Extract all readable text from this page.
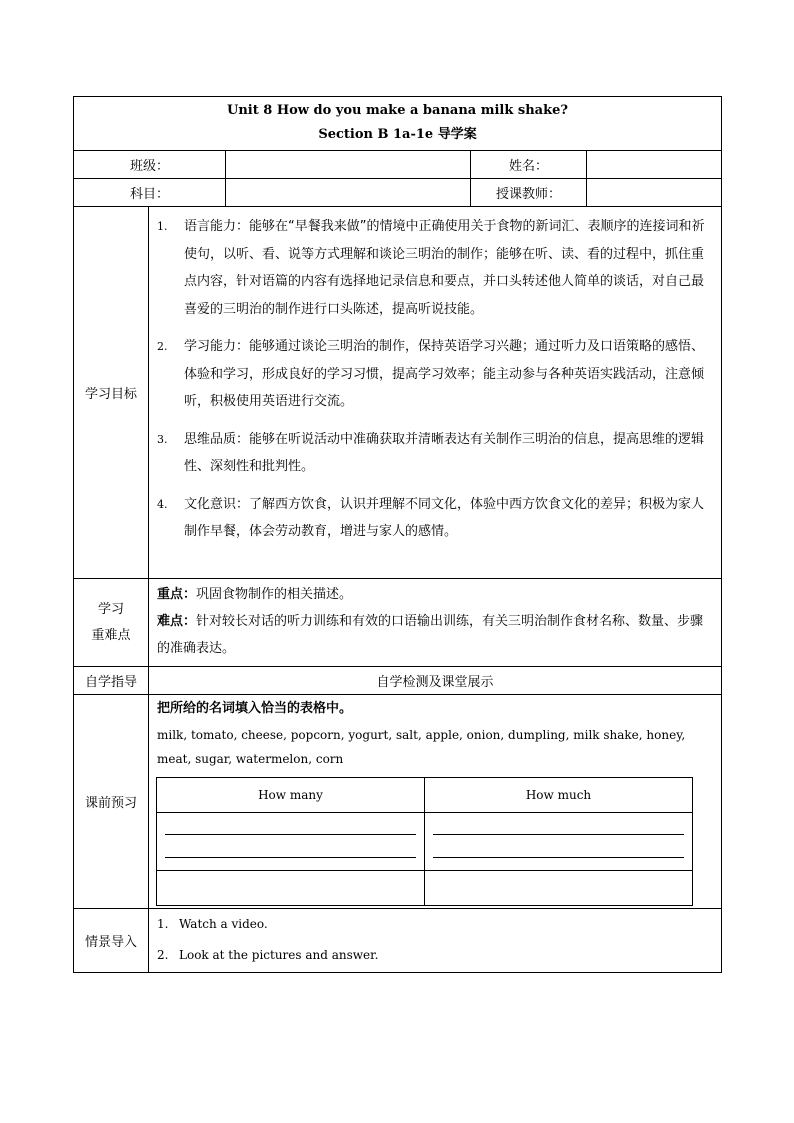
Unit 8 How do you make a banana milk shake?
Section B 1a-1e 导学案

班级：		姓名：	
科目：		授课教师：	
学习目标	
1.	语言能力：能够在“早餐我来做”的情境中正确使用关于食物的新词汇、表顺序的连接词和祈使句，以听、看、说等方式理解和谈论三明治的制作；能够在听、读、看的过程中，抓住重点内容，针对语篇的内容有选择地记录信息和要点，并口头转述他人简单的谈话，对自己最喜爱的三明治的制作进行口头陈述，提高听说技能。
2.	学习能力：能够通过谈论三明治的制作，保持英语学习兴趣；通过听力及口语策略的感悟、体验和学习，形成良好的学习习惯，提高学习效率；能主动参与各种英语实践活动，注意倾听，积极使用英语进行交流。
3.	思维品质：能够在听说活动中准确获取并清晰表达有关制作三明治的信息，提高思维的逻辑性、深刻性和批判性。
4.	文化意识：了解西方饮食，认识并理解不同文化，体验中西方饮食文化的差异；积极为家人制作早餐，体会劳动教育，增进与家人的感情。

学习
重难点

重点：巩固食物制作的相关描述。
难点：针对较长对话的听力训练和有效的口语输出训练，有关三明治制作食材名称、数量、步骤的准确表达。

自学指导	自学检测及课堂展示
课前预习	
把所给的名词填入恰当的表格中。
milk, tomato, cheese, popcorn, yogurt, salt, apple, onion, dumpling, milk shake, honey, meat, sugar, watermelon, corn
How many	How much

情景导入	
1. Watch a video.
2. Look at the pictures and answer.
